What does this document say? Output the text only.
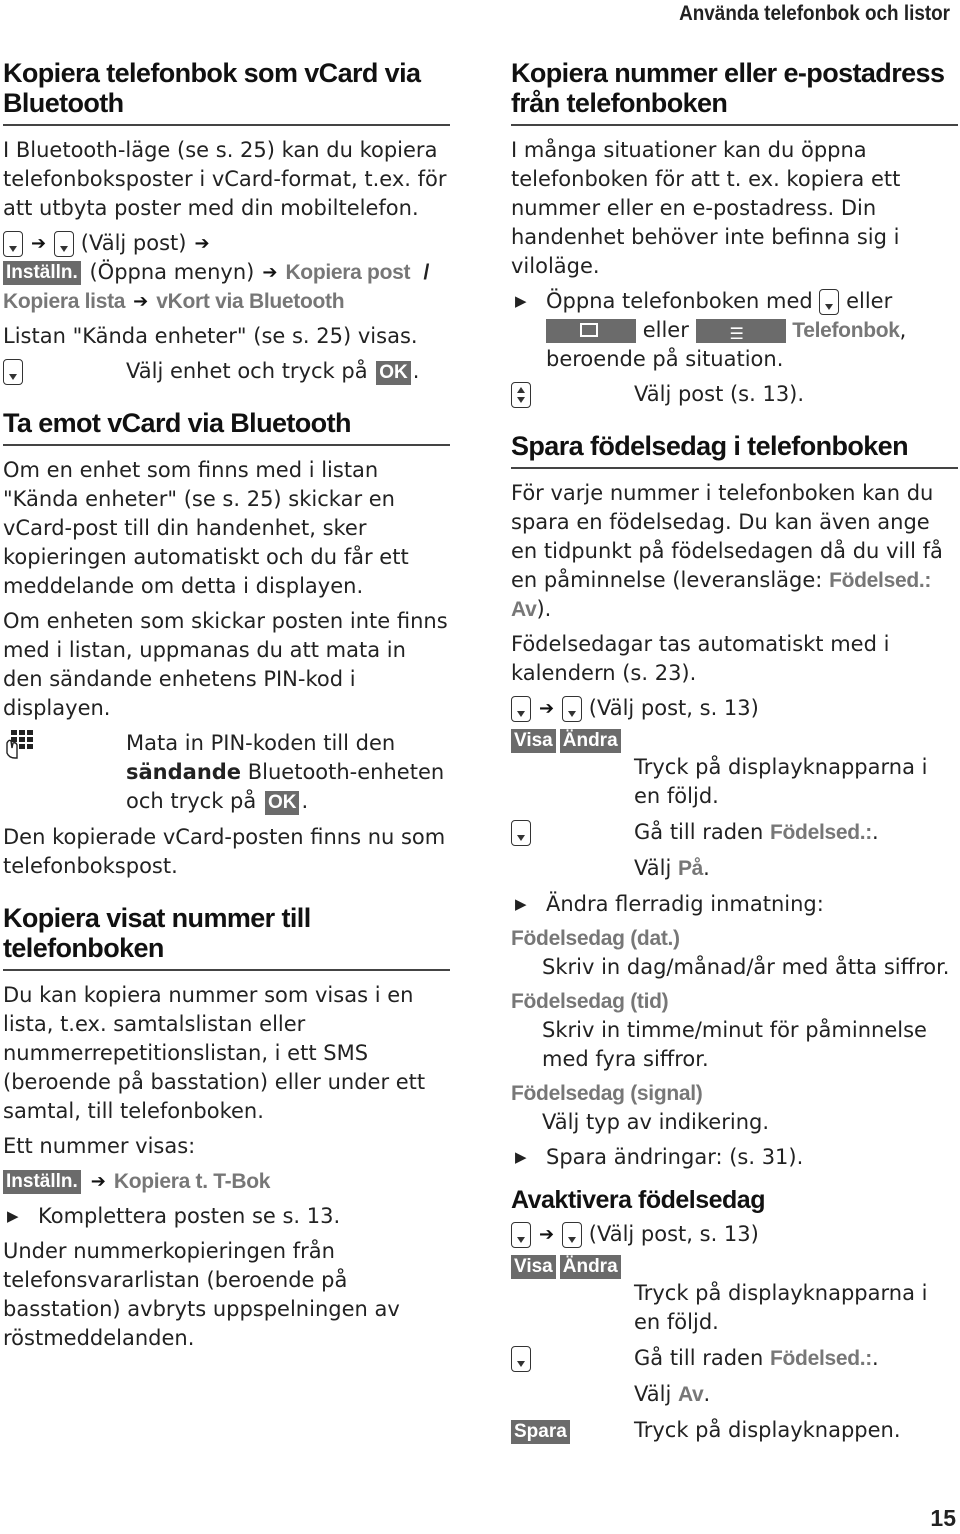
Använda telefonbok och listor
Kopiera telefonbok som vCard via Bluetooth

I Bluetooth-läge (se s. 25) kan du kopiera telefonboksposter i vCard-format, t.ex. för att utbyta poster med din mobiltelefon.

➔
(Välj post) ➔
Inställn.
(Öppna menyn) ➔ Kopiera post
/
Kopiera lista ➔ vKort via Bluetooth

Listan "Kända enheter" (se s. 25) visas.

Välj enhet och tryck på OK .
Ta emot vCard via Bluetooth

Om en enhet som finns med i listan "Kända enheter" (se s. 25) skickar en vCard-post till din handenhet, sker kopieringen automatiskt och du får ett meddelande om detta i displayen.

Om enheten som skickar posten inte finns med i listan, uppmanas du att mata in den sändande enhetens PIN-kod i displayen.

Mata in PIN-koden till den sändande Bluetooth-enheten och tryck på OK .

Den kopierade vCard-posten finns nu som telefonbokspost.

Kopiera visat nummer till telefonboken

Du kan kopiera nummer som visas i en lista, t.ex. samtalslistan eller nummerrepetitionslistan, i ett SMS (beroende på basstation) eller under ett samtal, till telefonboken.

Ett nummer visas:

Inställn. ➔ Kopiera t. T-Bok
▶ Komplettera posten se s. 13.

Under nummerkopieringen från telefonsvararlistan (beroende på basstation) avbryts uppspelningen av röstmeddelanden.

Kopiera nummer eller e-postadress från telefonboken

I många situationer kan du öppna telefonboken för att t. ex. kopiera ett nummer eller en e-postadress. Din handenhet behöver inte befinna sig i viloläge.

▶ Öppna telefonboken med eller

eller
☰	Telefonbok, beroende på situation.
Välj post (s. 13).
Spara födelsedag i telefonboken

För varje nummer i telefonboken kan du spara en födelsedag. Du kan även ange en tidpunkt på födelsedagen då du vill få en påminnelse (leveransläge: Födelsed.: Av).

Födelsedagar tas automatiskt med i kalendern (s. 23).

➔
(Välj post, s. 13)
Visa Ändra
Tryck på displayknapparna i en följd.
Gå till raden Födelsed.:.
Välj På.
▶ Ändra flerradig inmatning:
Födelsedag (dat.)
Skriv in dag/månad/år med åtta siffror.
Födelsedag (tid)
Skriv in timme/minut för påminnelse med fyra siffror.
Födelsedag (signal)
Välj typ av indikering.
▶ Spara ändringar: (s. 31).
Avaktivera födelsedag
➔
(Välj post, s. 13)
Visa Ändra
Tryck på displayknapparna i en följd.
Gå till raden Födelsed.:.
Välj Av.
Spara	Tryck på displayknappen.
15
